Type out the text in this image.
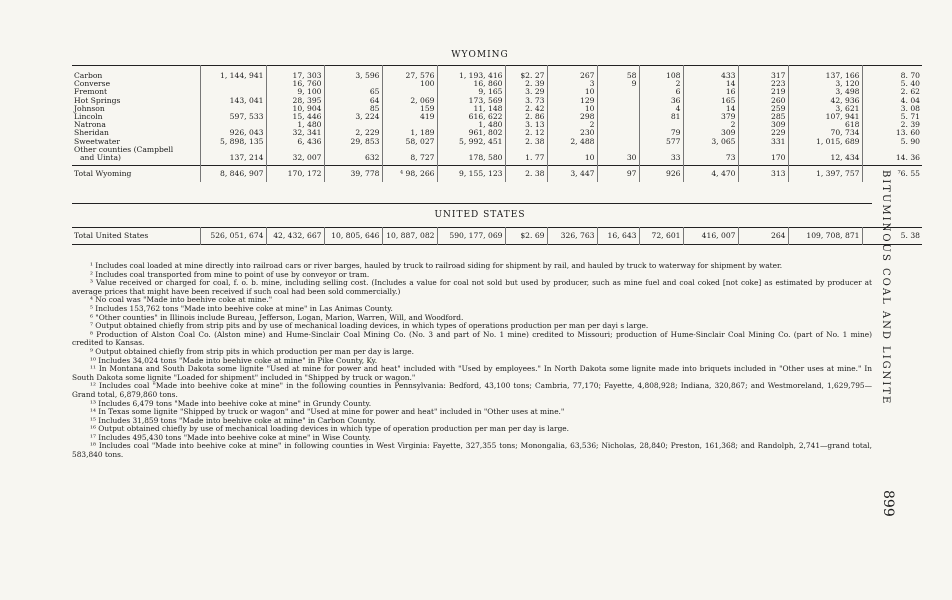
WYOMING
Carbon	1, 144, 941	17, 303	3, 596	27, 576	1, 193, 416	$2. 27	267	58	108	433	317	137, 166	8. 70

Converse		16, 760		100	16, 860	2. 39	3	9	2	14	223	3, 120	5. 40

Fremont		9, 100	65		9, 165	3. 29	10		6	16	219	3, 498	2. 62

Hot Springs	143, 041	28, 395	64	2, 069	173, 569	3. 73	129		36	165	260	42, 936	4. 04

Johnson		10, 904	85	159	11, 148	2. 42	10		4	14	259	3, 621	3. 08

Lincoln	597, 533	15, 446	3, 224	419	616, 622	2. 86	298		81	379	285	107, 941	5. 71

Natrona		1, 480			1, 480	3. 13	2			2	309	618	2. 39

Sheridan	926, 043	32, 341	2, 229	1, 189	961, 802	2. 12	230		79	309	229	70, 734	13. 60

Sweetwater	5, 898, 135	6, 436	29, 853	58, 027	5, 992, 451	2. 38	2, 488		577	3, 065	331	1, 015, 689	5. 90

Other counties (Campbell
and Uinta)	137, 214	32, 007	632	8, 727	178, 580	1. 77	10	30	33	73	170	12, 434	14. 36

Total Wyoming	8, 846, 907	170, 172	39, 778	⁴ 98, 266	9, 155, 123	2. 38	3, 447	97	926	4, 470	313	1, 397, 757	⁷6. 55
UNITED STATES
Total United States	526, 051, 674	42, 432, 667	10, 805, 646	10, 887, 082	590, 177, 069	$2. 69	326, 763	16, 643	72, 601	416, 007	264	109, 708, 871	5. 38

¹ Includes coal loaded at mine directly into railroad cars or river barges, hauled by truck to railroad siding for shipment by rail, and hauled by truck to waterway for shipment by water.

² Includes coal transported from mine to point of use by conveyor or tram.

³ Value received or charged for coal, f. o. b. mine, including selling cost. (Includes a value for coal not sold but used by producer, such as mine fuel and coal coked [not coke] as estimated by producer at average prices that might have been received if such coal had been sold commercially.)

⁴ No coal was "Made into beehive coke at mine."

⁵ Includes 153,762 tons "Made into beehive coke at mine" in Las Animas County.

⁶ "Other counties" in Illinois include Bureau, Jefferson, Logan, Marion, Warren, Will, and Woodford.

⁷ Output obtained chiefly from strip pits and by use of mechanical loading devices, in which types of operations production per man per dayi s large.

⁸ Production of Alston Coal Co. (Alston mine) and Hume-Sinclair Coal Mining Co. (No. 3 and part of No. 1 mine) credited to Missouri; production of Hume-Sinclair Coal Mining Co. (part of No. 1 mine) credited to Kansas.

⁹ Output obtained chiefly from strip pits in which production per man per day is large.

¹⁰ Includes 34,024 tons "Made into beehive coke at mine" in Pike County, Ky.

¹¹ In Montana and South Dakota some lignite "Used at mine for power and heat" included with "Used by employees." In North Dakota some lignite made into briquets included in "Other uses at mine." In South Dakota some lignite "Loaded for shipment" included in "Shipped by truck or wagon."

¹² Includes coal "Made into beehive coke at mine" in the following counties in Pennsylvania: Bedford, 43,100 tons; Cambria, 77,170; Fayette, 4,808,928; Indiana, 320,867; and Westmoreland, 1,629,795—Grand total, 6,879,860 tons.

¹³ Includes 6,479 tons "Made into beehive coke at mine" in Grundy County.

¹⁴ In Texas some lignite "Shipped by truck or wagon" and "Used at mine for power and heat" included in "Other uses at mine."

¹⁵ Includes 31,859 tons "Made into beehive coke at mine" in Carbon County.

¹⁶ Output obtained chiefly by use of mechanical loading devices in which type of operation production per man per day is large.

¹⁷ Includes 495,430 tons "Made into beehive coke at mine" in Wise County.

¹⁸ Includes coal "Made into beehive coke at mine" in following counties in West Virginia: Fayette, 327,355 tons; Monongalia, 63,536; Nicholas, 28,840; Preston, 161,368; and Randolph, 2,741—grand total, 583,840 tons.

BITUMINOUS COAL AND LIGNITE
899
